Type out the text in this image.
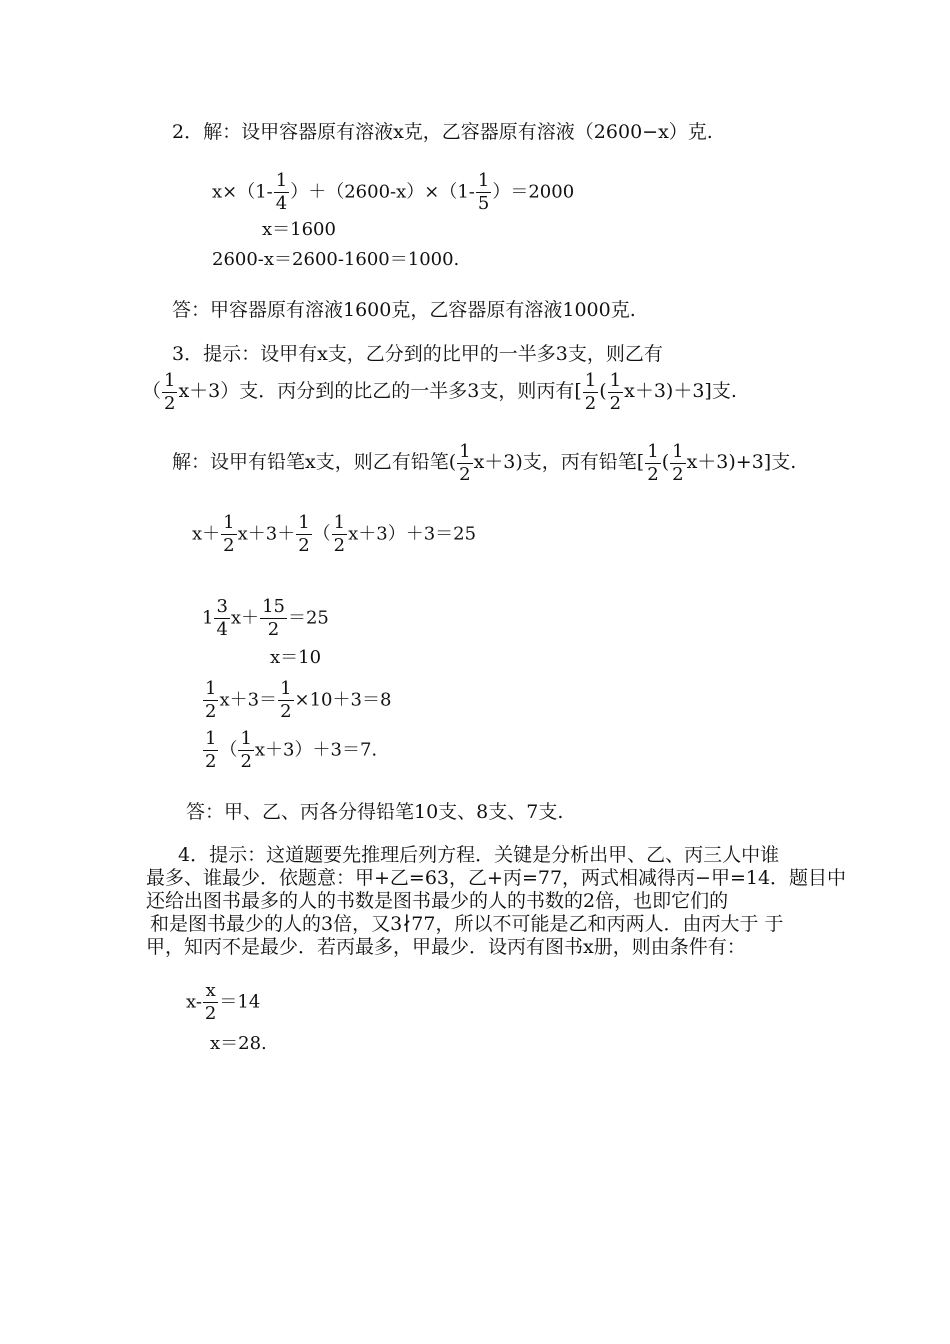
2．解：设甲容器原有溶液x克，乙容器原有溶液（2600−x）克.
$x\times(1- \frac{1}{4} )+(2600-x)\times(1- \frac{1}{5} )=2000$
x＝1600
2600-x＝2600-1600＝1000.
答：甲容器原有溶液1600克，乙容器原有溶液1000克.
3．提示：设甲有x支，乙分到的比甲的一半多3支，则乙有
（ $\frac{1}{2} x+3$）支．丙分到的比乙的一半多3支，则丙有[ $\frac{1}{2}$ ( $\frac{1}{2} x+3)+3$]支.
解：设甲有铅笔x支，则乙有铅笔( $\frac{1}{2} x+3$)支，丙有铅笔[ $\frac{1}{2}$ ( $\frac{1}{2} x+3)+3$]支.
$x+ \frac{1}{2} x+3+ \frac{1}{2}$ （ $\frac{1}{2} x+3)+3=25$
$1 \frac{3}{4} x+ \frac{15}{2} =25$
x＝10
$\frac{1}{2} x+3= \frac{1}{2} \times 10+3=8$
$\frac{1}{2}$ （ $\frac{1}{2} x+3)+3=7$.
答：甲、乙、丙各分得铅笔10支、8支、7支.
4．提示：这道题要先推理后列方程．关键是分析出甲、乙、丙三人中谁
最多、谁最少．依题意：甲+乙=63，乙+丙=77，两式相减得丙−甲=14．题目中
还给出图书最多的人的书数是图书最少的人的书数的2倍，也即它们的
和是图书最少的人的3倍，又3∤77，所以不可能是乙和丙两人．由丙大于 于
甲，知丙不是最少．若丙最多，甲最少．设丙有图书x册，则由条件有：
$x- \frac{x}{2} =14$
x＝28.
